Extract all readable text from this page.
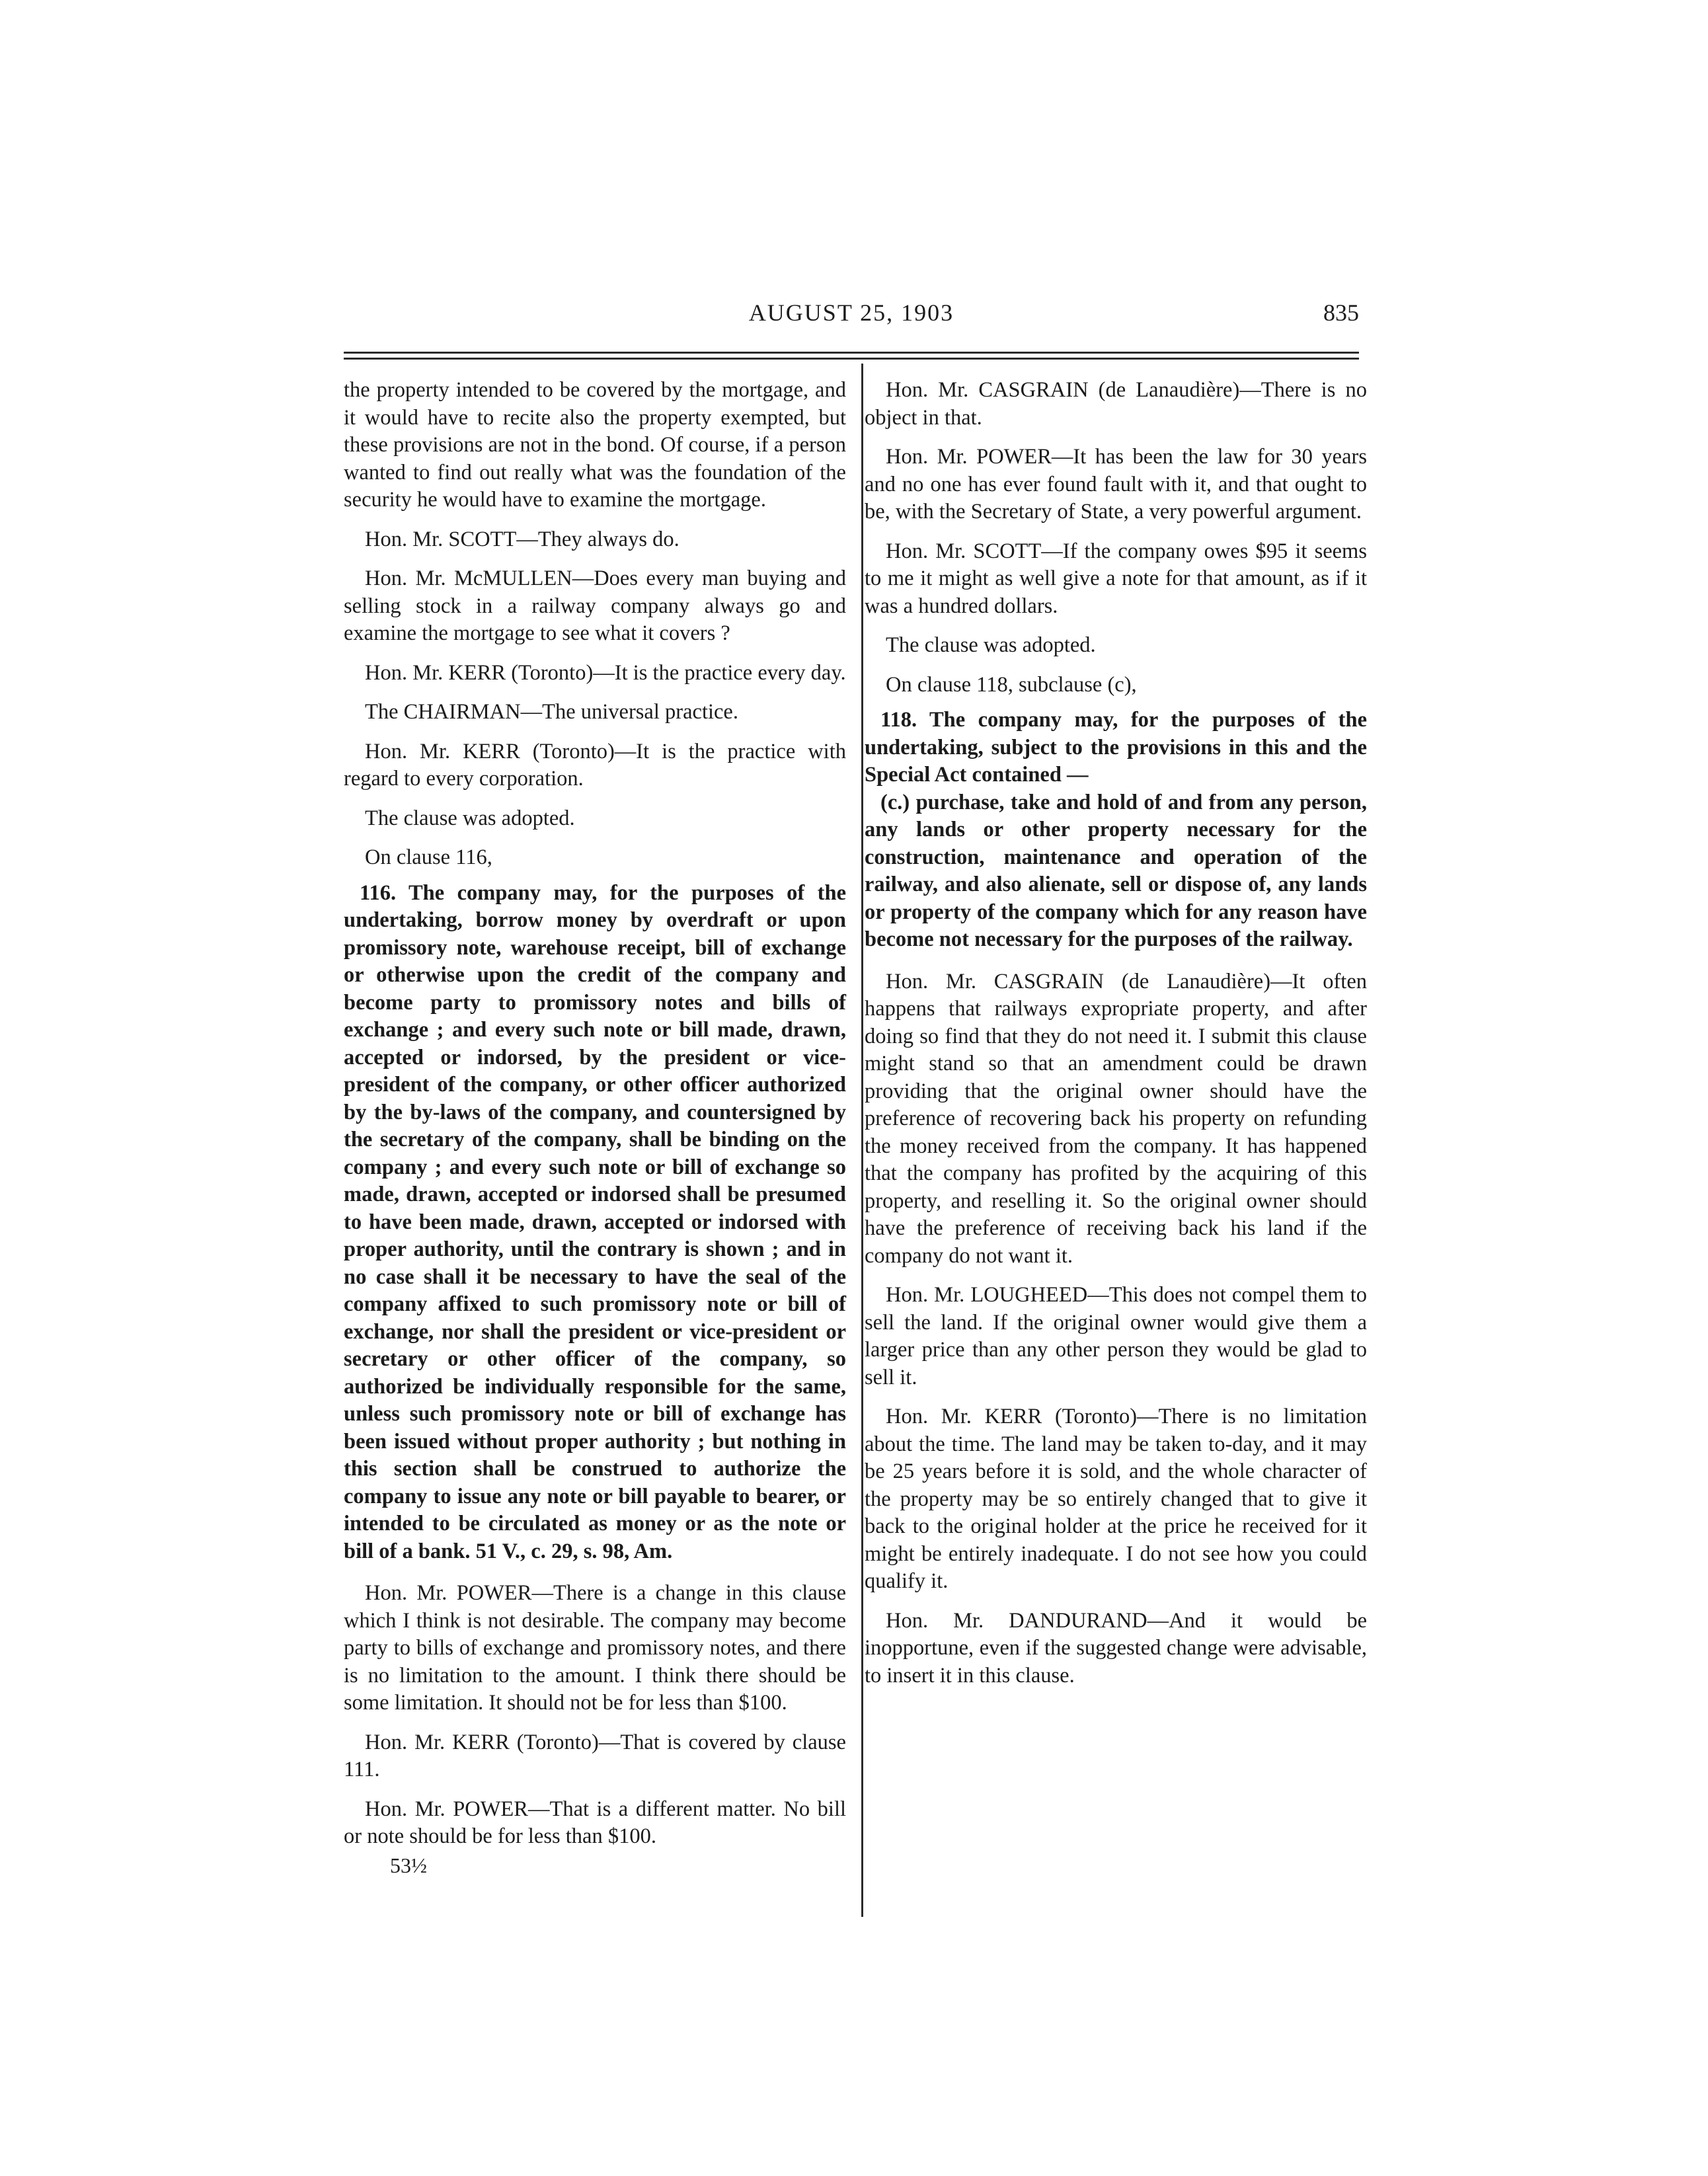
AUGUST 25, 1903	835

the property intended to be covered by the mortgage, and it would have to recite also the property exempted, but these provisions are not in the bond. Of course, if a person wanted to find out really what was the foundation of the security he would have to examine the mortgage.

Hon. Mr. SCOTT—They always do.

Hon. Mr. McMULLEN—Does every man buying and selling stock in a railway company always go and examine the mortgage to see what it covers ?

Hon. Mr. KERR (Toronto)—It is the practice every day.

The CHAIRMAN—The universal practice.

Hon. Mr. KERR (Toronto)—It is the practice with regard to every corporation.

The clause was adopted.

On clause 116,

116. The company may, for the purposes of the undertaking, borrow money by overdraft or upon promissory note, warehouse receipt, bill of exchange or otherwise upon the credit of the company and become party to promissory notes and bills of exchange ; and every such note or bill made, drawn, accepted or indorsed, by the president or vice-president of the company, or other officer authorized by the by-laws of the company, and countersigned by the secretary of the company, shall be binding on the company ; and every such note or bill of exchange so made, drawn, accepted or indorsed shall be presumed to have been made, drawn, accepted or indorsed with proper authority, until the contrary is shown ; and in no case shall it be necessary to have the seal of the company affixed to such promissory note or bill of exchange, nor shall the president or vice-president or secretary or other officer of the company, so authorized be individually responsible for the same, unless such promissory note or bill of exchange has been issued without proper authority ; but nothing in this section shall be construed to authorize the company to issue any note or bill payable to bearer, or intended to be circulated as money or as the note or bill of a bank. 51 V., c. 29, s. 98, Am.

Hon. Mr. POWER—There is a change in this clause which I think is not desirable. The company may become party to bills of exchange and promissory notes, and there is no limitation to the amount. I think there should be some limitation. It should not be for less than $100.

Hon. Mr. KERR (Toronto)—That is covered by clause 111.

Hon. Mr. POWER—That is a different matter. No bill or note should be for less than $100.

53½

Hon. Mr. CASGRAIN (de Lanaudière)—There is no object in that.

Hon. Mr. POWER—It has been the law for 30 years and no one has ever found fault with it, and that ought to be, with the Secretary of State, a very powerful argument.

Hon. Mr. SCOTT—If the company owes $95 it seems to me it might as well give a note for that amount, as if it was a hundred dollars.

The clause was adopted.

On clause 118, subclause (c),

118. The company may, for the purposes of the undertaking, subject to the provisions in this and the Special Act contained —

(c.) purchase, take and hold of and from any person, any lands or other property necessary for the construction, maintenance and operation of the railway, and also alienate, sell or dispose of, any lands or property of the company which for any reason have become not necessary for the purposes of the railway.

Hon. Mr. CASGRAIN (de Lanaudière)—It often happens that railways expropriate property, and after doing so find that they do not need it. I submit this clause might stand so that an amendment could be drawn providing that the original owner should have the preference of recovering back his property on refunding the money received from the company. It has happened that the company has profited by the acquiring of this property, and reselling it. So the original owner should have the preference of receiving back his land if the company do not want it.

Hon. Mr. LOUGHEED—This does not compel them to sell the land. If the original owner would give them a larger price than any other person they would be glad to sell it.

Hon. Mr. KERR (Toronto)—There is no limitation about the time. The land may be taken to-day, and it may be 25 years before it is sold, and the whole character of the property may be so entirely changed that to give it back to the original holder at the price he received for it might be entirely inadequate. I do not see how you could qualify it.

Hon. Mr. DANDURAND—And it would be inopportune, even if the suggested change were advisable, to insert it in this clause.
